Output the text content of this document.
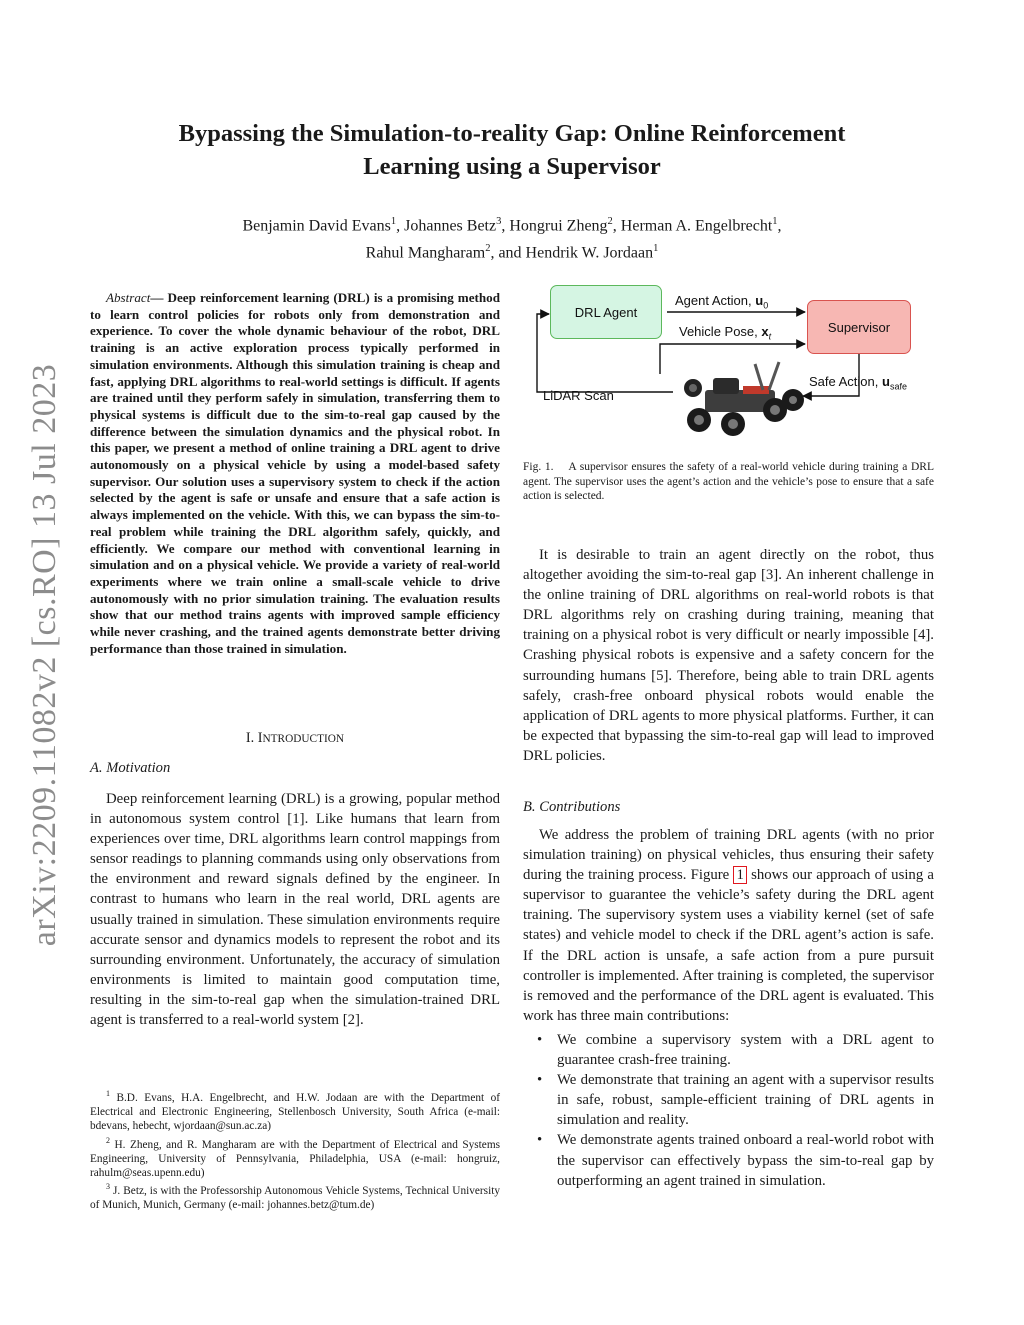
arXiv:2209.11082v2 [cs.RO] 13 Jul 2023
Bypassing the Simulation-to-reality Gap: Online Reinforcement
Learning using a Supervisor
Benjamin David Evans$^1$, Johannes Betz$^3$, Hongrui Zheng$^2$, Herman A. Engelbrecht$^1$,
Rahul Mangharam$^2$, and Hendrik W. Jordaan$^1$
Abstract— Deep reinforcement learning (DRL) is a promising method to learn control policies for robots only from demonstration and experience. To cover the whole dynamic behaviour of the robot, DRL training is an active exploration process typically performed in simulation environments. Although this simulation training is cheap and fast, applying DRL algorithms to real-world settings is difficult. If agents are trained until they perform safely in simulation, transferring them to physical systems is difficult due to the sim-to-real gap caused by the difference between the simulation dynamics and the physical robot. In this paper, we present a method of online training a DRL agent to drive autonomously on a physical vehicle by using a model-based safety supervisor. Our solution uses a supervisory system to check if the action selected by the agent is safe or unsafe and ensure that a safe action is always implemented on the vehicle. With this, we can bypass the sim-to-real problem while training the DRL algorithm safely, quickly, and efficiently. We compare our method with conventional learning in simulation and on a physical vehicle. We provide a variety of real-world experiments where we train online a small-scale vehicle to drive autonomously with no prior simulation training. The evaluation results show that our method trains agents with improved sample efficiency while never crashing, and the trained agents demonstrate better driving performance than those trained in simulation.
I. INTRODUCTION
A. Motivation

Deep reinforcement learning (DRL) is a growing, popular method in autonomous system control [1]. Like humans that learn from experiences over time, DRL algorithms learn control mappings from sensor readings to planning commands using only observations from the environment and reward signals defined by the engineer. In contrast to humans who learn in the real world, DRL agents are usually trained in simulation. These simulation environments require accurate sensor and dynamics models to represent the robot and its surrounding environment. Unfortunately, the accuracy of simulation environments is limited to maintain good computation time, resulting in the sim-to-real gap when the simulation-trained DRL agent is transferred to a real-world system [2].

$^1$ B.D. Evans, H.A. Engelbrecht, and H.W. Jodaan are with the Department of Electrical and Electronic Engineering, Stellenbosch University, South Africa (e-mail: bdevans, hebecht, wjordaan@sun.ac.za)

$^2$ H. Zheng, and R. Mangharam are with the Department of Electrical and Systems Engineering, University of Pennsylvania, Philadelphia, USA (e-mail: hongruiz, rahulm@seas.upenn.edu)

$^3$ J. Betz, is with the Professorship Autonomous Vehicle Systems, Technical University of Munich, Munich, Germany (e-mail: johannes.betz@tum.de)

DRL Agent
Supervisor
Agent Action, $u_0$
Vehicle Pose, $x_t$
Safe Action, $u_{safe}$
LiDAR Scan
Fig. 1. A supervisor ensures the safety of a real-world vehicle during training a DRL agent. The supervisor uses the agent’s action and the vehicle’s pose to ensure that a safe action is selected.

It is desirable to train an agent directly on the robot, thus altogether avoiding the sim-to-real gap [3]. An inherent challenge in the online training of DRL algorithms on real-world robots is that DRL algorithms rely on crashing during training, meaning that training on a physical robot is very difficult or nearly impossible [4]. Crashing physical robots is expensive and a safety concern for the surrounding humans [5]. Therefore, being able to train DRL agents safely, crash-free onboard physical robots would enable the application of DRL agents to more physical platforms. Further, it can be expected that bypassing the sim-to-real gap will lead to improved DRL policies.

B. Contributions

We address the problem of training DRL agents (with no prior simulation training) on physical vehicles, thus ensuring their safety during the training process. Figure 1 shows our approach of using a supervisor to guarantee the vehicle’s safety during the DRL agent training. The supervisory system uses a viability kernel (set of safe states) and vehicle model to check if the DRL agent’s action is safe. If the DRL action is unsafe, a safe action from a pure pursuit controller is implemented. After training is completed, the supervisor is removed and the performance of the DRL agent is evaluated. This work has three main contributions:

• We combine a supervisory system with a DRL agent to guarantee crash-free training.
• We demonstrate that training an agent with a supervisor results in safe, robust, sample-efficient training of DRL agents in simulation and reality.
• We demonstrate agents trained onboard a real-world robot with the supervisor can effectively bypass the sim-to-real gap by outperforming an agent trained in simulation.
